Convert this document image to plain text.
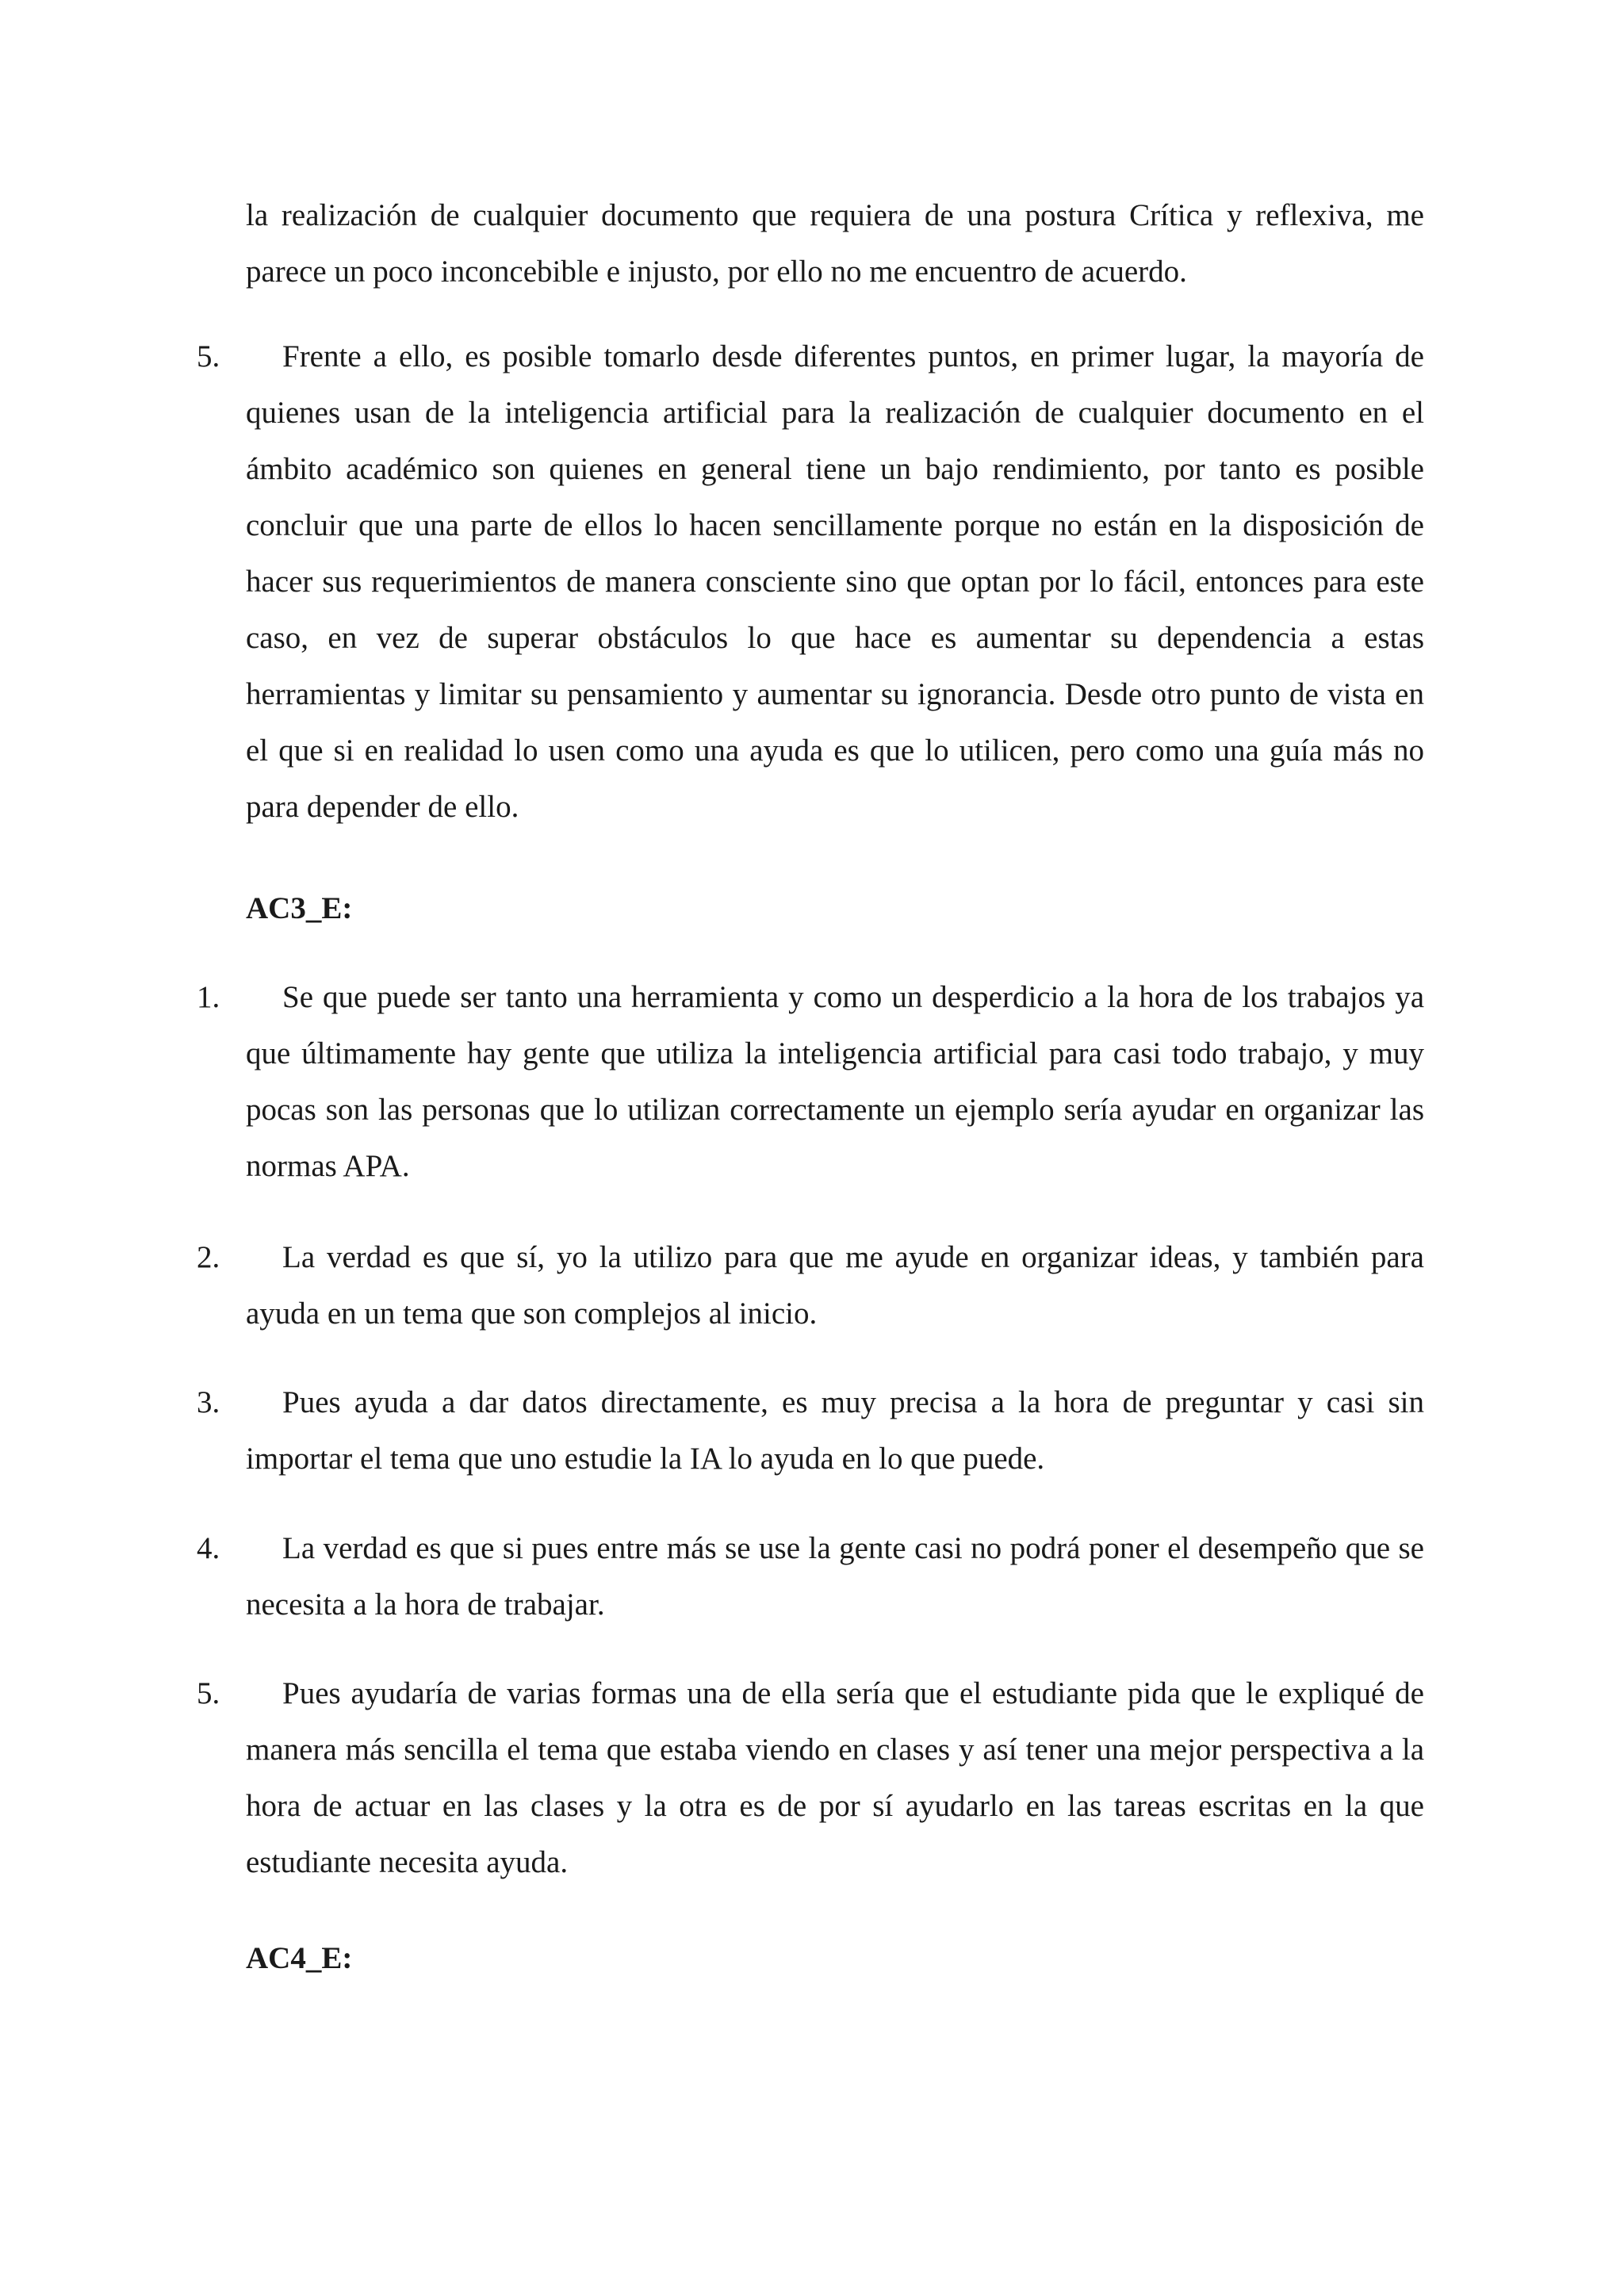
la realización de cualquier documento que requiera de una postura Crítica y reflexiva, me parece un poco inconcebible e injusto, por ello no me encuentro de acuerdo.

5.	Frente a ello, es posible tomarlo desde diferentes puntos, en primer lugar, la mayoría de quienes usan de la inteligencia artificial para la realización de cualquier documento en el ámbito académico son quienes en general tiene un bajo rendimiento, por tanto es posible concluir que una parte de ellos lo hacen sencillamente porque no están en la disposición de hacer sus requerimientos de manera consciente sino que optan por lo fácil, entonces para este caso, en vez de superar obstáculos lo que hace es aumentar su dependencia a estas herramientas y limitar su pensamiento y aumentar su ignorancia. Desde otro punto de vista en el que si en realidad lo usen como una ayuda es que lo utilicen, pero como una guía más no para depender de ello.

AC3_E:
1.	Se que puede ser tanto una herramienta y como un desperdicio a la hora de los trabajos ya que últimamente hay gente que utiliza la inteligencia artificial para casi todo trabajo, y muy pocas son las personas que lo utilizan correctamente un ejemplo sería ayudar en organizar las normas APA.

2.	La verdad es que sí, yo la utilizo para que me ayude en organizar ideas, y también para ayuda en un tema que son complejos al inicio.

3.	Pues ayuda a dar datos directamente, es muy precisa a la hora de preguntar y casi sin importar el tema que uno estudie la IA lo ayuda en lo que puede.

4.	La verdad es que si pues entre más se use la gente casi no podrá poner el desempeño que se necesita a la hora de trabajar.

5.	Pues ayudaría de varias formas una de ella sería que el estudiante pida que le expliqué de manera más sencilla el tema que estaba viendo en clases y así tener una mejor perspectiva a la hora de actuar en las clases y la otra es de por sí ayudarlo en las tareas escritas en la que estudiante necesita ayuda.

AC4_E:
